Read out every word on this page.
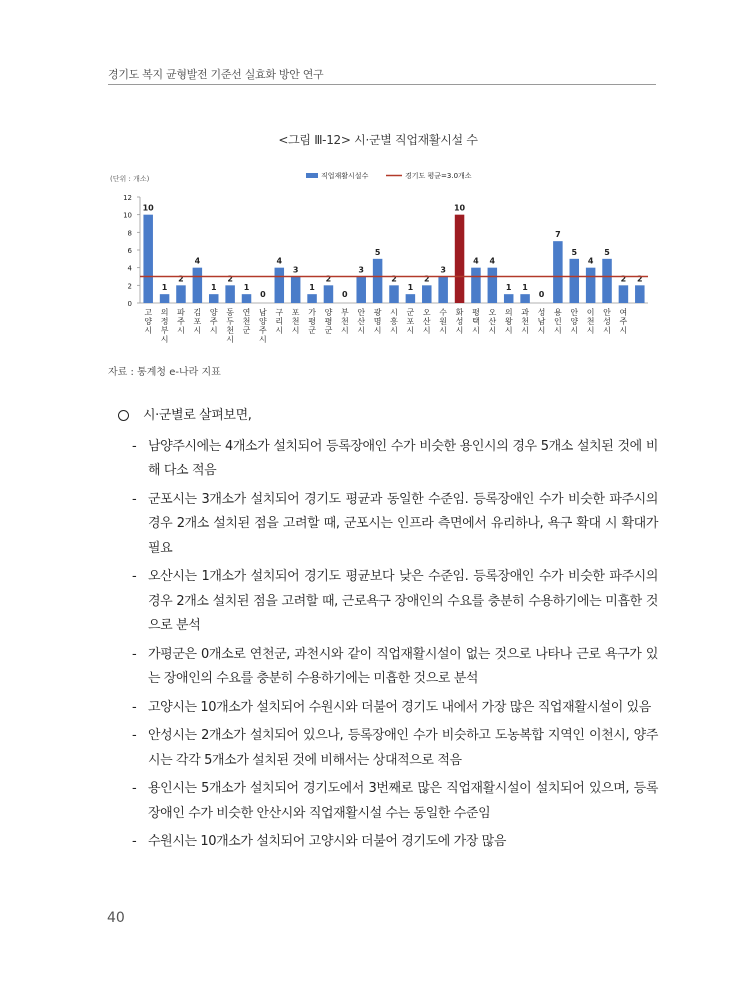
경기도 복지 균형발전 기준선 실효화 방안 연구
<그림 Ⅲ-12> 시·군별 직업재활시설 수
(단위 : 개소)	직업재활시설수	경기도 평균=3.0개소
0
2
4
6
8
10
12
10
고 양 시
1
의 정 부 시
2
파 주 시
4
김 포 시
1
양 주 시
2
동 두 천 시
1
연 천 군
0
남 양 주 시
4
구 리 시
3
포 천 시
1
가 평 군
2
양 평 군
0
부 천 시
3
안 산 시
5
광 명 시
2
시 흥 시
1
군 포 시
2
오 산 시
3
수 원 시
10
화 성 시
4
평 택 시
4
오 산 시
1
의 왕 시
1
과 천 시
0
성 남 시
7
용 인 시
5
안 양 시
4
이 천 시
5
안 성 시
2
여 주 시
2
자료 : 통계청 e-나라 지표
시·군별로 살펴보면,
- 남양주시에는 4개소가 설치되어 등록장애인 수가 비슷한 용인시의 경우 5개소 설치된 것에 비해 다소 적음
- 군포시는 3개소가 설치되어 경기도 평균과 동일한 수준임. 등록장애인 수가 비슷한 파주시의 경우 2개소 설치된 점을 고려할 때, 군포시는 인프라 측면에서 유리하나, 욕구 확대 시 확대가 필요
- 오산시는 1개소가 설치되어 경기도 평균보다 낮은 수준임. 등록장애인 수가 비슷한 파주시의 경우 2개소 설치된 점을 고려할 때, 근로욕구 장애인의 수요를 충분히 수용하기에는 미흡한 것으로 분석
- 가평군은 0개소로 연천군, 과천시와 같이 직업재활시설이 없는 것으로 나타나 근로 욕구가 있는 장애인의 수요를 충분히 수용하기에는 미흡한 것으로 분석
- 고양시는 10개소가 설치되어 수원시와 더불어 경기도 내에서 가장 많은 직업재활시설이 있음
- 안성시는 2개소가 설치되어 있으나, 등록장애인 수가 비슷하고 도농복합 지역인 이천시, 양주시는 각각 5개소가 설치된 것에 비해서는 상대적으로 적음
- 용인시는 5개소가 설치되어 경기도에서 3번째로 많은 직업재활시설이 설치되어 있으며, 등록장애인 수가 비슷한 안산시와 직업재활시설 수는 동일한 수준임
- 수원시는 10개소가 설치되어 고양시와 더불어 경기도에 가장 많음
40
